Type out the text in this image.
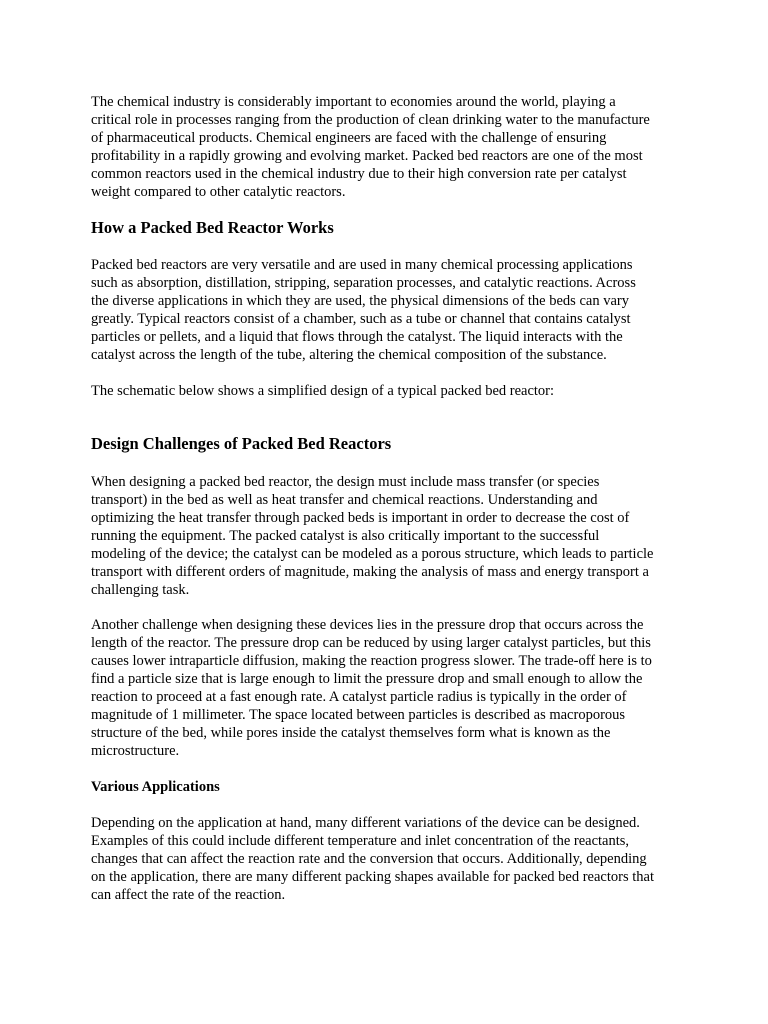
The chemical industry is considerably important to economies around the world, playing a

critical role in processes ranging from the production of clean drinking water to the manufacture

of pharmaceutical products. Chemical engineers are faced with the challenge of ensuring

profitability in a rapidly growing and evolving market. Packed bed reactors are one of the most

common reactors used in the chemical industry due to their high conversion rate per catalyst

weight compared to other catalytic reactors.

How a Packed Bed Reactor Works

Packed bed reactors are very versatile and are used in many chemical processing applications

such as absorption, distillation, stripping, separation processes, and catalytic reactions. Across

the diverse applications in which they are used, the physical dimensions of the beds can vary

greatly. Typical reactors consist of a chamber, such as a tube or channel that contains catalyst

particles or pellets, and a liquid that flows through the catalyst. The liquid interacts with the

catalyst across the length of the tube, altering the chemical composition of the substance.

The schematic below shows a simplified design of a typical packed bed reactor:

Design Challenges of Packed Bed Reactors

When designing a packed bed reactor, the design must include mass transfer (or species

transport) in the bed as well as heat transfer and chemical reactions. Understanding and

optimizing the heat transfer through packed beds is important in order to decrease the cost of

running the equipment. The packed catalyst is also critically important to the successful

modeling of the device; the catalyst can be modeled as a porous structure, which leads to particle

transport with different orders of magnitude, making the analysis of mass and energy transport a

challenging task.

Another challenge when designing these devices lies in the pressure drop that occurs across the

length of the reactor. The pressure drop can be reduced by using larger catalyst particles, but this

causes lower intraparticle diffusion, making the reaction progress slower. The trade-off here is to

find a particle size that is large enough to limit the pressure drop and small enough to allow the

reaction to proceed at a fast enough rate. A catalyst particle radius is typically in the order of

magnitude of 1 millimeter. The space located between particles is described as macroporous

structure of the bed, while pores inside the catalyst themselves form what is known as the

microstructure.

Various Applications

Depending on the application at hand, many different variations of the device can be designed.

Examples of this could include different temperature and inlet concentration of the reactants,

changes that can affect the reaction rate and the conversion that occurs. Additionally, depending

on the application, there are many different packing shapes available for packed bed reactors that

can affect the rate of the reaction.
